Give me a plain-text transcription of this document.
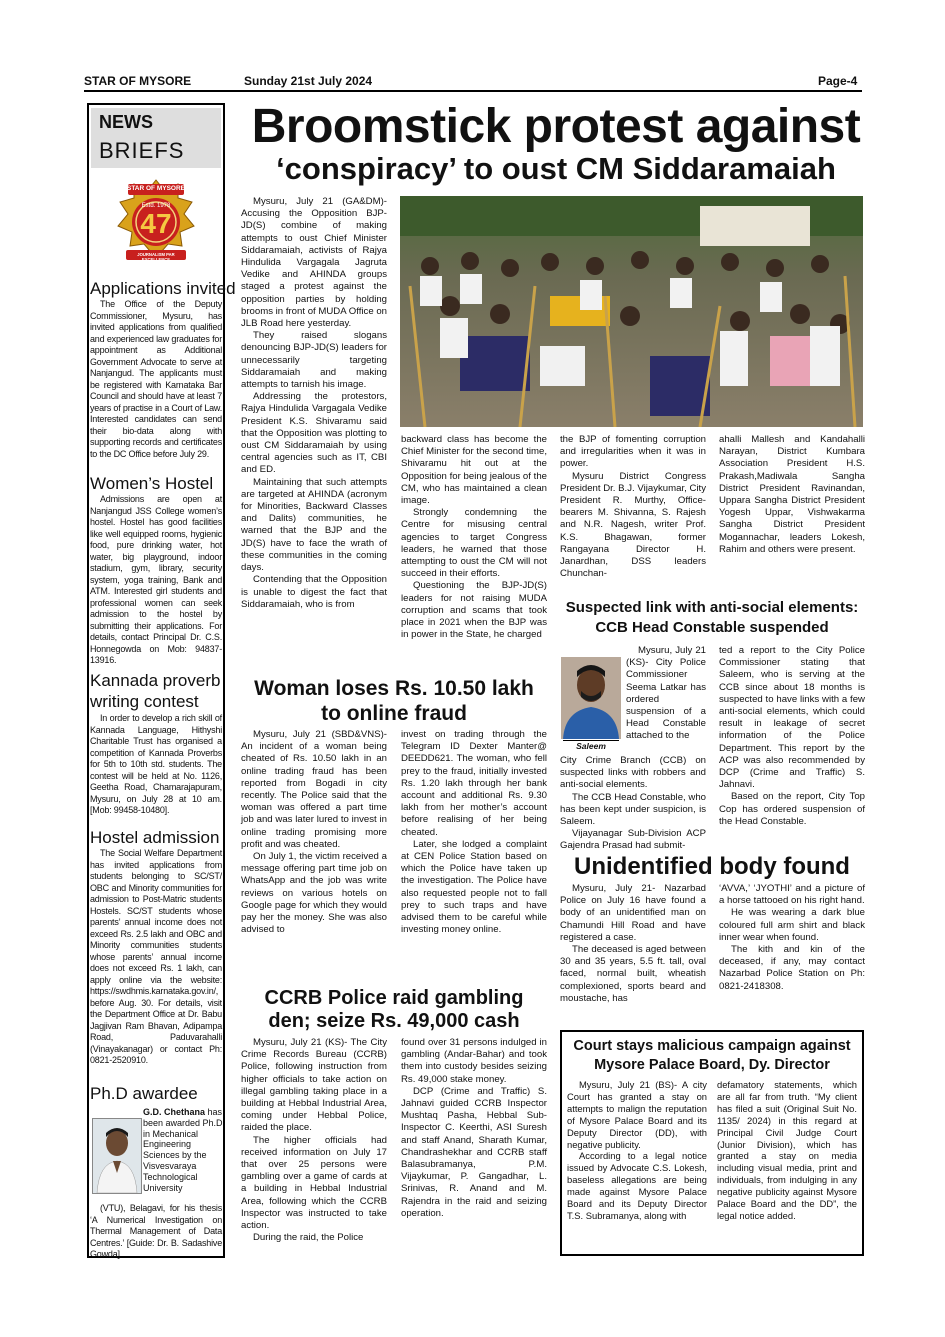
STAR OF MYSORE	Sunday 21st July 2024	Page-4
NEWS
BRIEFS
STAR OF MYSORE
Estd. 1978
47
JOURNALISM PAR EXCELLENCE
Applications invited

The Office of the Deputy Commissioner, Mysuru, has invited applications from qualified and experienced law graduates for appointment as Additional Government Advocate to serve at Nanjangud. The applicants must be registered with Karnataka Bar Council and should have at least 7 years of practise in a Court of Law. Interested candidates can send their bio-data along with supporting records and certificates to the DC Office before July 29.

Women’s Hostel

Admissions are open at Nanjangud JSS College women’s hostel. Hostel has good facilities like well equipped rooms, hygienic food, pure drinking water, hot water, big playground, indoor stadium, gym, library, security system, yoga training, Bank and ATM. Interested girl students and professional women can seek admission to the hostel by submitting their applications. For details, contact Principal Dr. C.S. Honnegowda on Mob: 94837-13916.

Kannada proverb writing contest

In order to develop a rich skill of Kannada Language, Hithyshi Charitable Trust has organised a competition of Kannada Proverbs for 5th to 10th std. students. The contest will be held at No. 1126, Geetha Road, Chamarajapuram, Mysuru, on July 28 at 10 am. [Mob: 99458-10480].

Hostel admission

The Social Welfare Department has invited applications from students belonging to SC/ST/ OBC and Minority communities for admission to Post-Matric students Hostels. SC/ST students whose parents’ annual income does not exceed Rs. 2.5 lakh and OBC and Minority communities students whose parents’ annual income does not exceed Rs. 1 lakh, can apply online via the website: https://swdhmis.karnataka.gov.in/, before Aug. 30. For details, visit the Department Office at Dr. Babu Jagjivan Ram Bhavan, Adipampa Road, Paduvarahalli (Vinayakanagar) or contact Ph: 0821-2520910.

Ph.D awardee
G.D. Chethana has been awarded Ph.D in Mechanical Engineering Sciences by the Visvesvaraya Technological University

(VTU), Belagavi, for his thesis ‘A Numerical Investigation on Thermal Management of Data Centres.’ [Guide: Dr. B. Sadashive Gowda]

Broomstick protest against
‘conspiracy’ to oust CM Siddaramaiah

Mysuru, July 21 (GA&DM)- Accusing the Opposition BJP-JD(S) combine of making attempts to oust Chief Minister Siddaramaiah, activists of Rajya Hindulida Vargagala Jagruta Vedike and AHINDA groups staged a protest against the opposition parties by holding brooms in front of MUDA Office on JLB Road here yesterday.

They raised slogans denouncing BJP-JD(S) leaders for unnecessarily targeting Siddaramaiah and making attempts to tarnish his image.

Addressing the protestors, Rajya Hindulida Vargagala Vedike President K.S. Shivaramu said that the Opposition was plotting to oust CM Siddaramaiah by using central agencies such as IT, CBI and ED.

Maintaining that such attempts are targeted at AHINDA (acronym for Minorities, Backward Classes and Dalits) communities, he warned that the BJP and the JD(S) have to face the wrath of these communities in the coming days.

Contending that the Opposition is unable to digest the fact that Siddaramaiah, who is from

backward class has become the Chief Minister for the second time, Shivaramu hit out at the Opposition for being jealous of the CM, who has maintained a clean image.

Strongly condemning the Centre for misusing central agencies to target Congress leaders, he warned that those attempting to oust the CM will not succeed in their efforts.

Questioning the BJP-JD(S) leaders for not raising MUDA corruption and scams that took place in 2021 when the BJP was in power in the State, he charged

the BJP of fomenting corruption and irregularities when it was in power.

Mysuru District Congress President Dr. B.J. Vijaykumar, City President R. Murthy, Office-bearers M. Shivanna, S. Rajesh and N.R. Nagesh, writer Prof. K.S. Bhagawan, former Rangayana Director H. Janardhan, DSS leaders Chunchan-

ahalli Mallesh and Kandahalli Narayan, District Kumbara Association President H.S. Prakash,Madiwala Sangha District President Ravinandan, Uppara Sangha District President Yogesh Uppar, Vishwakarma Sangha District President Mogannachar, leaders Lokesh, Rahim and others were present.

Woman loses Rs. 10.50 lakh
to online fraud

Mysuru, July 21 (SBD&VNS)- An incident of a woman being cheated of Rs. 10.50 lakh in an online trading fraud has been reported from Bogadi in city recently. The Police said that the woman was offered a part time job and was later lured to invest in online trading promising more profit and was cheated.

On July 1, the victim received a message offering part time job on WhatsApp and the job was write reviews on various hotels on Google page for which they would pay her the money. She was also advised to

invest on trading through the Telegram ID Dexter Manter@ DEEDD621. The woman, who fell prey to the fraud, initially invested Rs. 1.20 lakh through her bank account and additional Rs. 9.30 lakh from her mother’s account before realising of her being cheated.

Later, she lodged a complaint at CEN Police Station based on which the Police have taken up the investigation. The Police have also requested people not to fall prey to such traps and have advised them to be careful while investing money online.

CCRB Police raid gambling
den; seize Rs. 49,000 cash

Mysuru, July 21 (KS)- The City Crime Records Bureau (CCRB) Police, following instruction from higher officials to take action on illegal gambling taking place in a building at Hebbal Industrial Area, coming under Hebbal Police, raided the place.

The higher officials had received information on July 17 that over 25 persons were gambling over a game of cards at a building in Hebbal Industrial Area, following which the CCRB Inspector was instructed to take action.

During the raid, the Police

found over 31 persons indulged in gambling (Andar-Bahar) and took them into custody besides seizing Rs. 49,000 stake money.

DCP (Crime and Traffic) S. Jahnavi guided CCRB Inspector Mushtaq Pasha, Hebbal Sub-Inspector C. Keerthi, ASI Suresh and staff Anand, Sharath Kumar, Chandrashekhar and CCRB staff Balasubramanya, P.M. Vijaykumar, P. Gangadhar, L. Srinivas, R. Anand and M. Rajendra in the raid and seizing operation.

Suspected link with anti-social elements:
CCB Head Constable suspended
Saleem

Mysuru, July 21 (KS)- City Police Commissioner Seema Latkar has ordered suspension of a Head Constable attached to the

City Crime Branch (CCB) on suspected links with robbers and anti-social elements.

The CCB Head Constable, who has been kept under suspicion, is Saleem.

Vijayanagar Sub-Division ACP Gajendra Prasad had submit-

ted a report to the City Police Commissioner stating that Saleem, who is serving at the CCB since about 18 months is suspected to have links with a few anti-social elements, which could result in leakage of secret information of the Police Department. This report by the ACP was also recommended by DCP (Crime and Traffic) S. Jahnavi.

Based on the report, City Top Cop has ordered suspension of the Head Constable.

Unidentified body found

Mysuru, July 21- Nazarbad Police on July 16 have found a body of an unidentified man on Chamundi Hill Road and have registered a case.

The deceased is aged between 30 and 35 years, 5.5 ft. tall, oval faced, normal built, wheatish complexioned, sports beard and moustache, has

‘AVVA,’ ‘JYOTHI’ and a picture of a horse tattooed on his right hand.

He was wearing a dark blue coloured full arm shirt and black inner wear when found.

The kith and kin of the deceased, if any, may contact Nazarbad Police Station on Ph: 0821-2418308.

Court stays malicious campaign against
Mysore Palace Board, Dy. Director

Mysuru, July 21 (BS)- A city Court has granted a stay on attempts to malign the reputation of Mysore Palace Board and its Deputy Director (DD), with negative publicity.

According to a legal notice issued by Advocate C.S. Lokesh, baseless allegations are being made against Mysore Palace Board and its Deputy Director T.S. Subramanya, along with

defamatory statements, which are all far from truth. “My client has filed a suit (Original Suit No. 1135/ 2024) in this regard at Principal Civil Judge Court (Junior Division), which has granted a stay on media including visual media, print and individuals, from indulging in any negative publicity against Mysore Palace Board and the DD”, the legal notice added.
